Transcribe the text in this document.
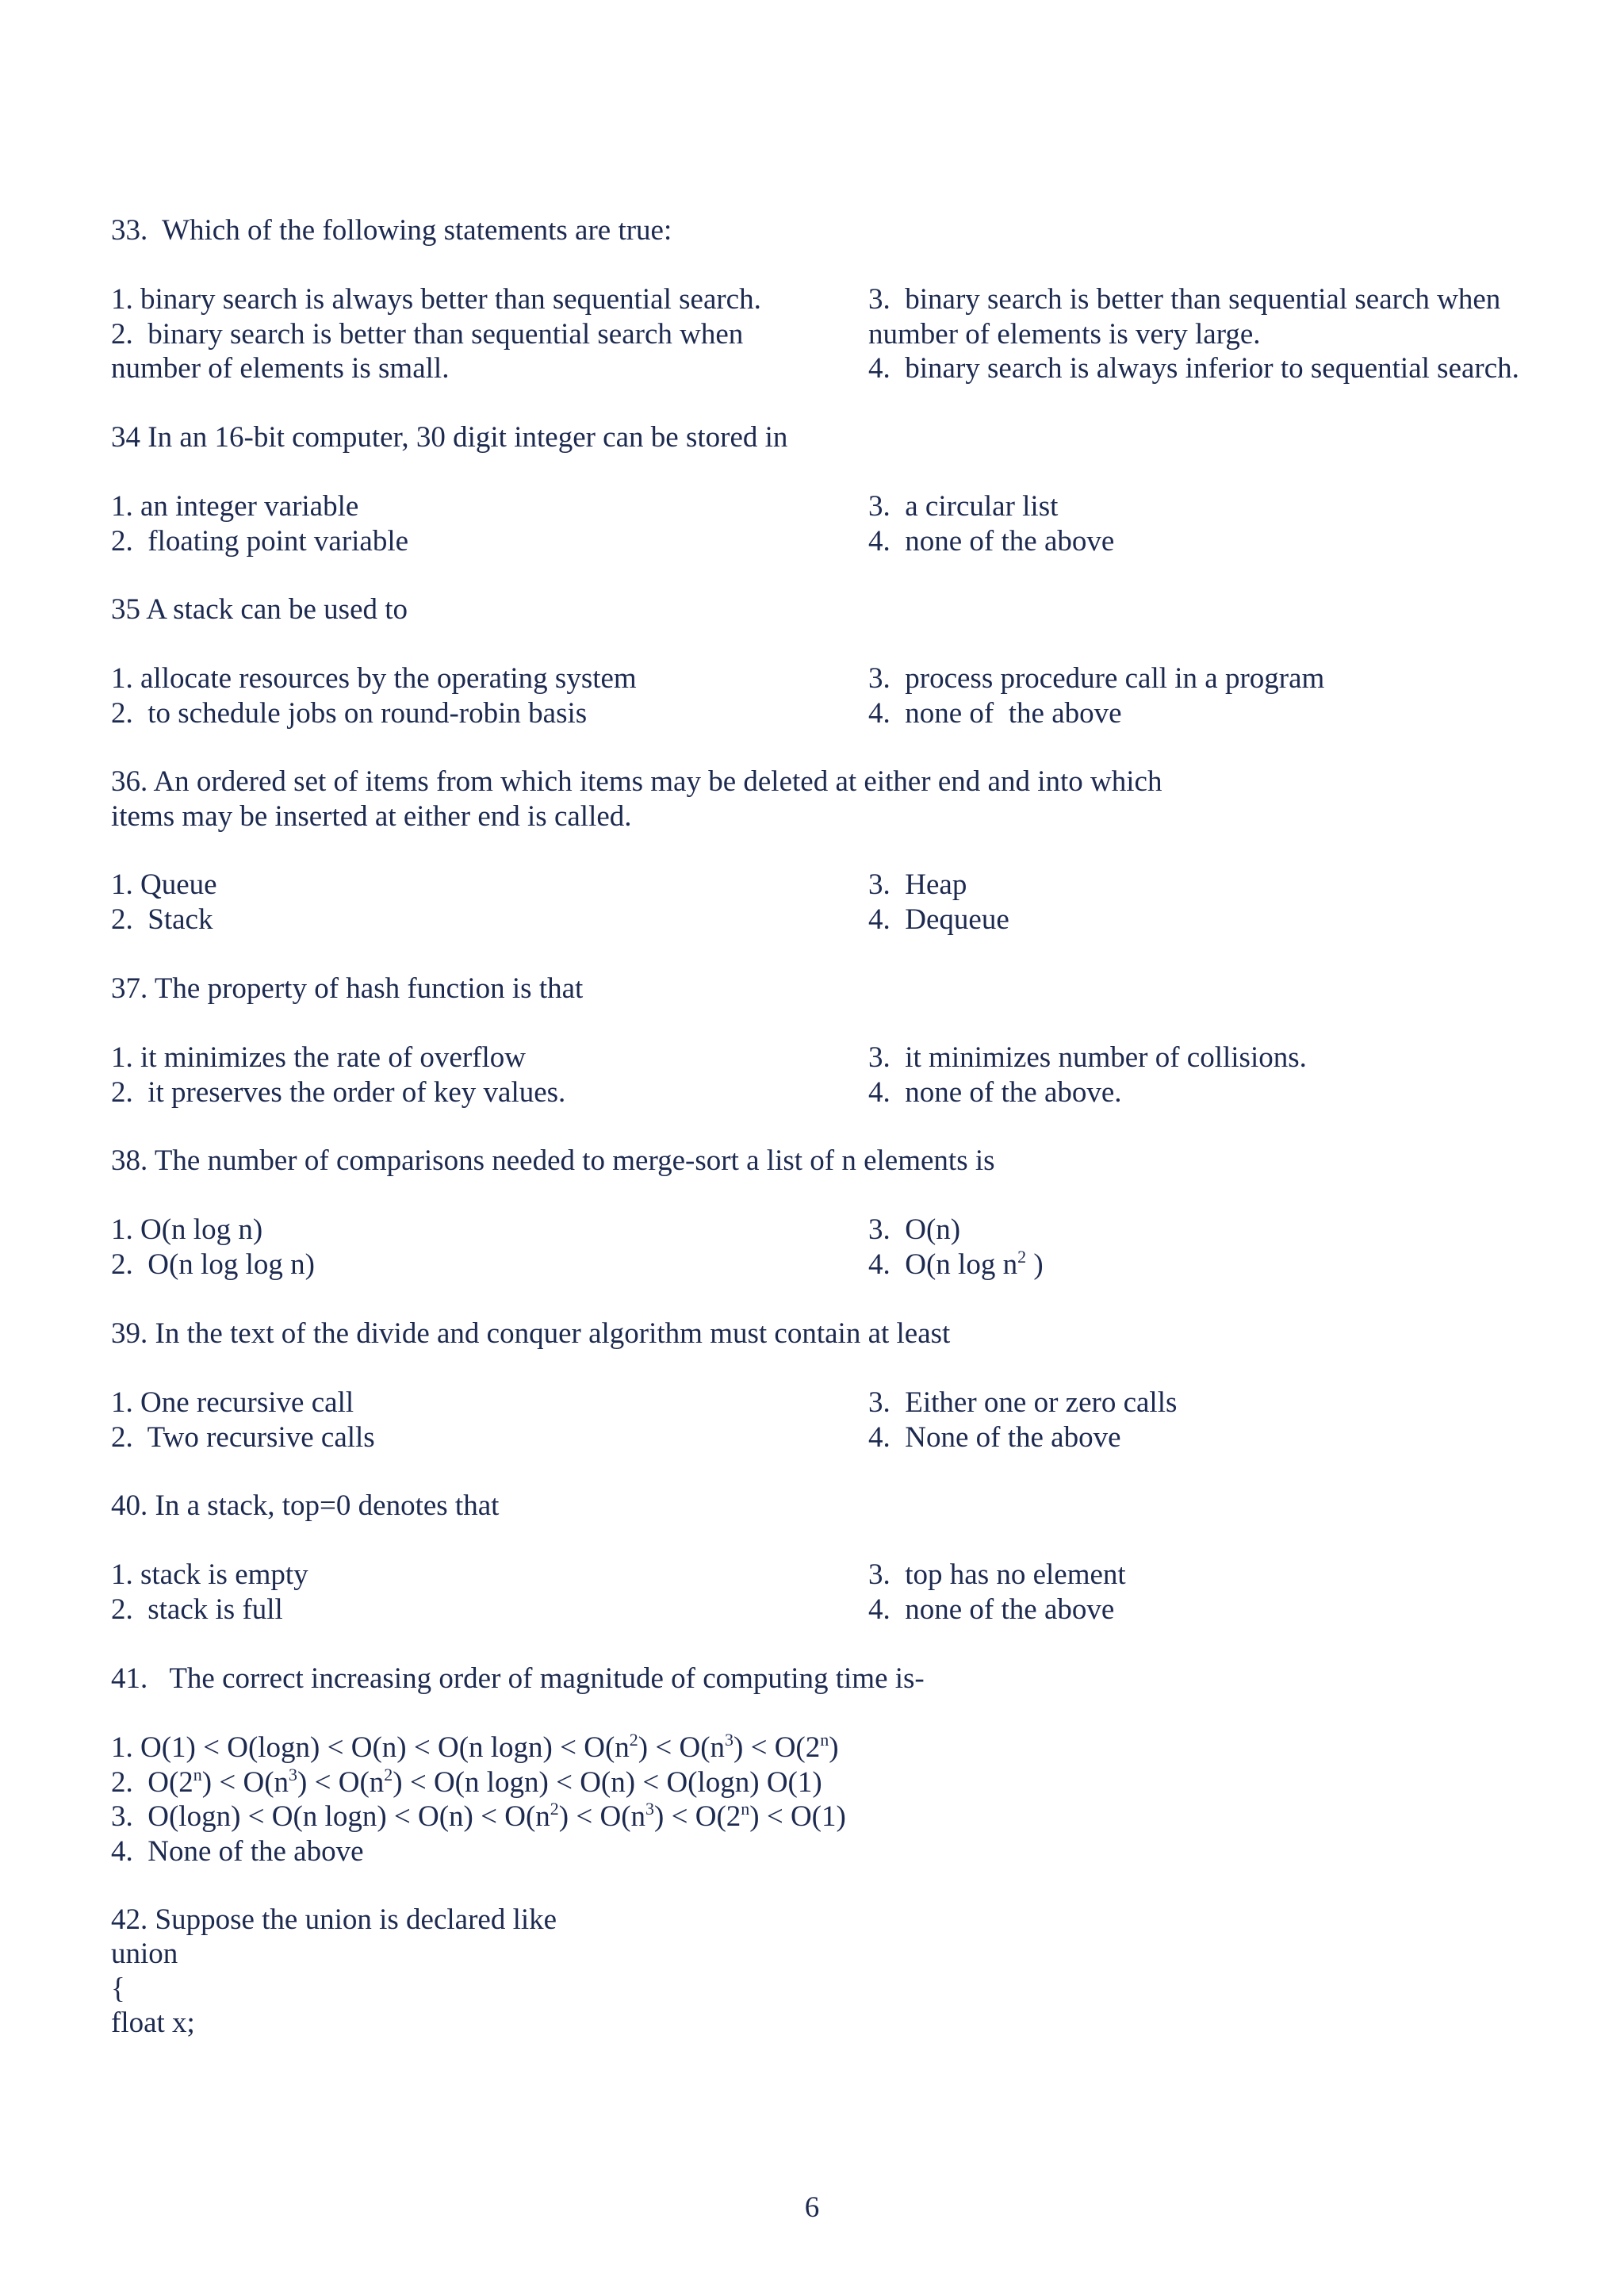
33.  Which of the following statements are true:
1. binary search is always better than sequential search.
2.  binary search is better than sequential search when
number of elements is small.
3.  binary search is better than sequential search when
number of elements is very large.
4.  binary search is always inferior to sequential search.
34 In an 16-bit computer, 30 digit integer can be stored in
1. an integer variable
2.  floating point variable
3.  a circular list
4.  none of the above
35 A stack can be used to
1. allocate resources by the operating system
2.  to schedule jobs on round-robin basis
3.  process procedure call in a program
4.  none of  the above
36. An ordered set of items from which items may be deleted at either end and into which
items may be inserted at either end is called.
1. Queue
2.  Stack
3.  Heap
4.  Dequeue
37. The property of hash function is that
1. it minimizes the rate of overflow
2.  it preserves the order of key values.
3.  it minimizes number of collisions.
4.  none of the above.
38. The number of comparisons needed to merge-sort a list of n elements is
1. O(n log n)
2.  O(n log log n)
3.  O(n)
4.  O(n $\log n^2$ )
39. In the text of the divide and conquer algorithm must contain at least
1. One recursive call
2.  Two recursive calls
3.  Either one or zero calls
4.  None of the above
40. In a stack, top=0 denotes that
1. stack is empty
2.  stack is full
3.  top has no element
4.  none of the above
41.   The correct increasing order of magnitude of computing time is-
1. O(1) < O(logn) < O(n) < O(n $\log n) < O(n^2) < O(n^3) < O(2^n)$
2.  $O(2^n) < O(n^3) < O(n^2) < O(n$ logn) < O(n) < O(logn) O(1)
3.  O(logn) < O(n $\log n) < O(n) < O(n^2) < O(n^3) < O(2^n) < O(1)$
4.  None of the above
42. Suppose the union is declared like
union
{
float x;
6
